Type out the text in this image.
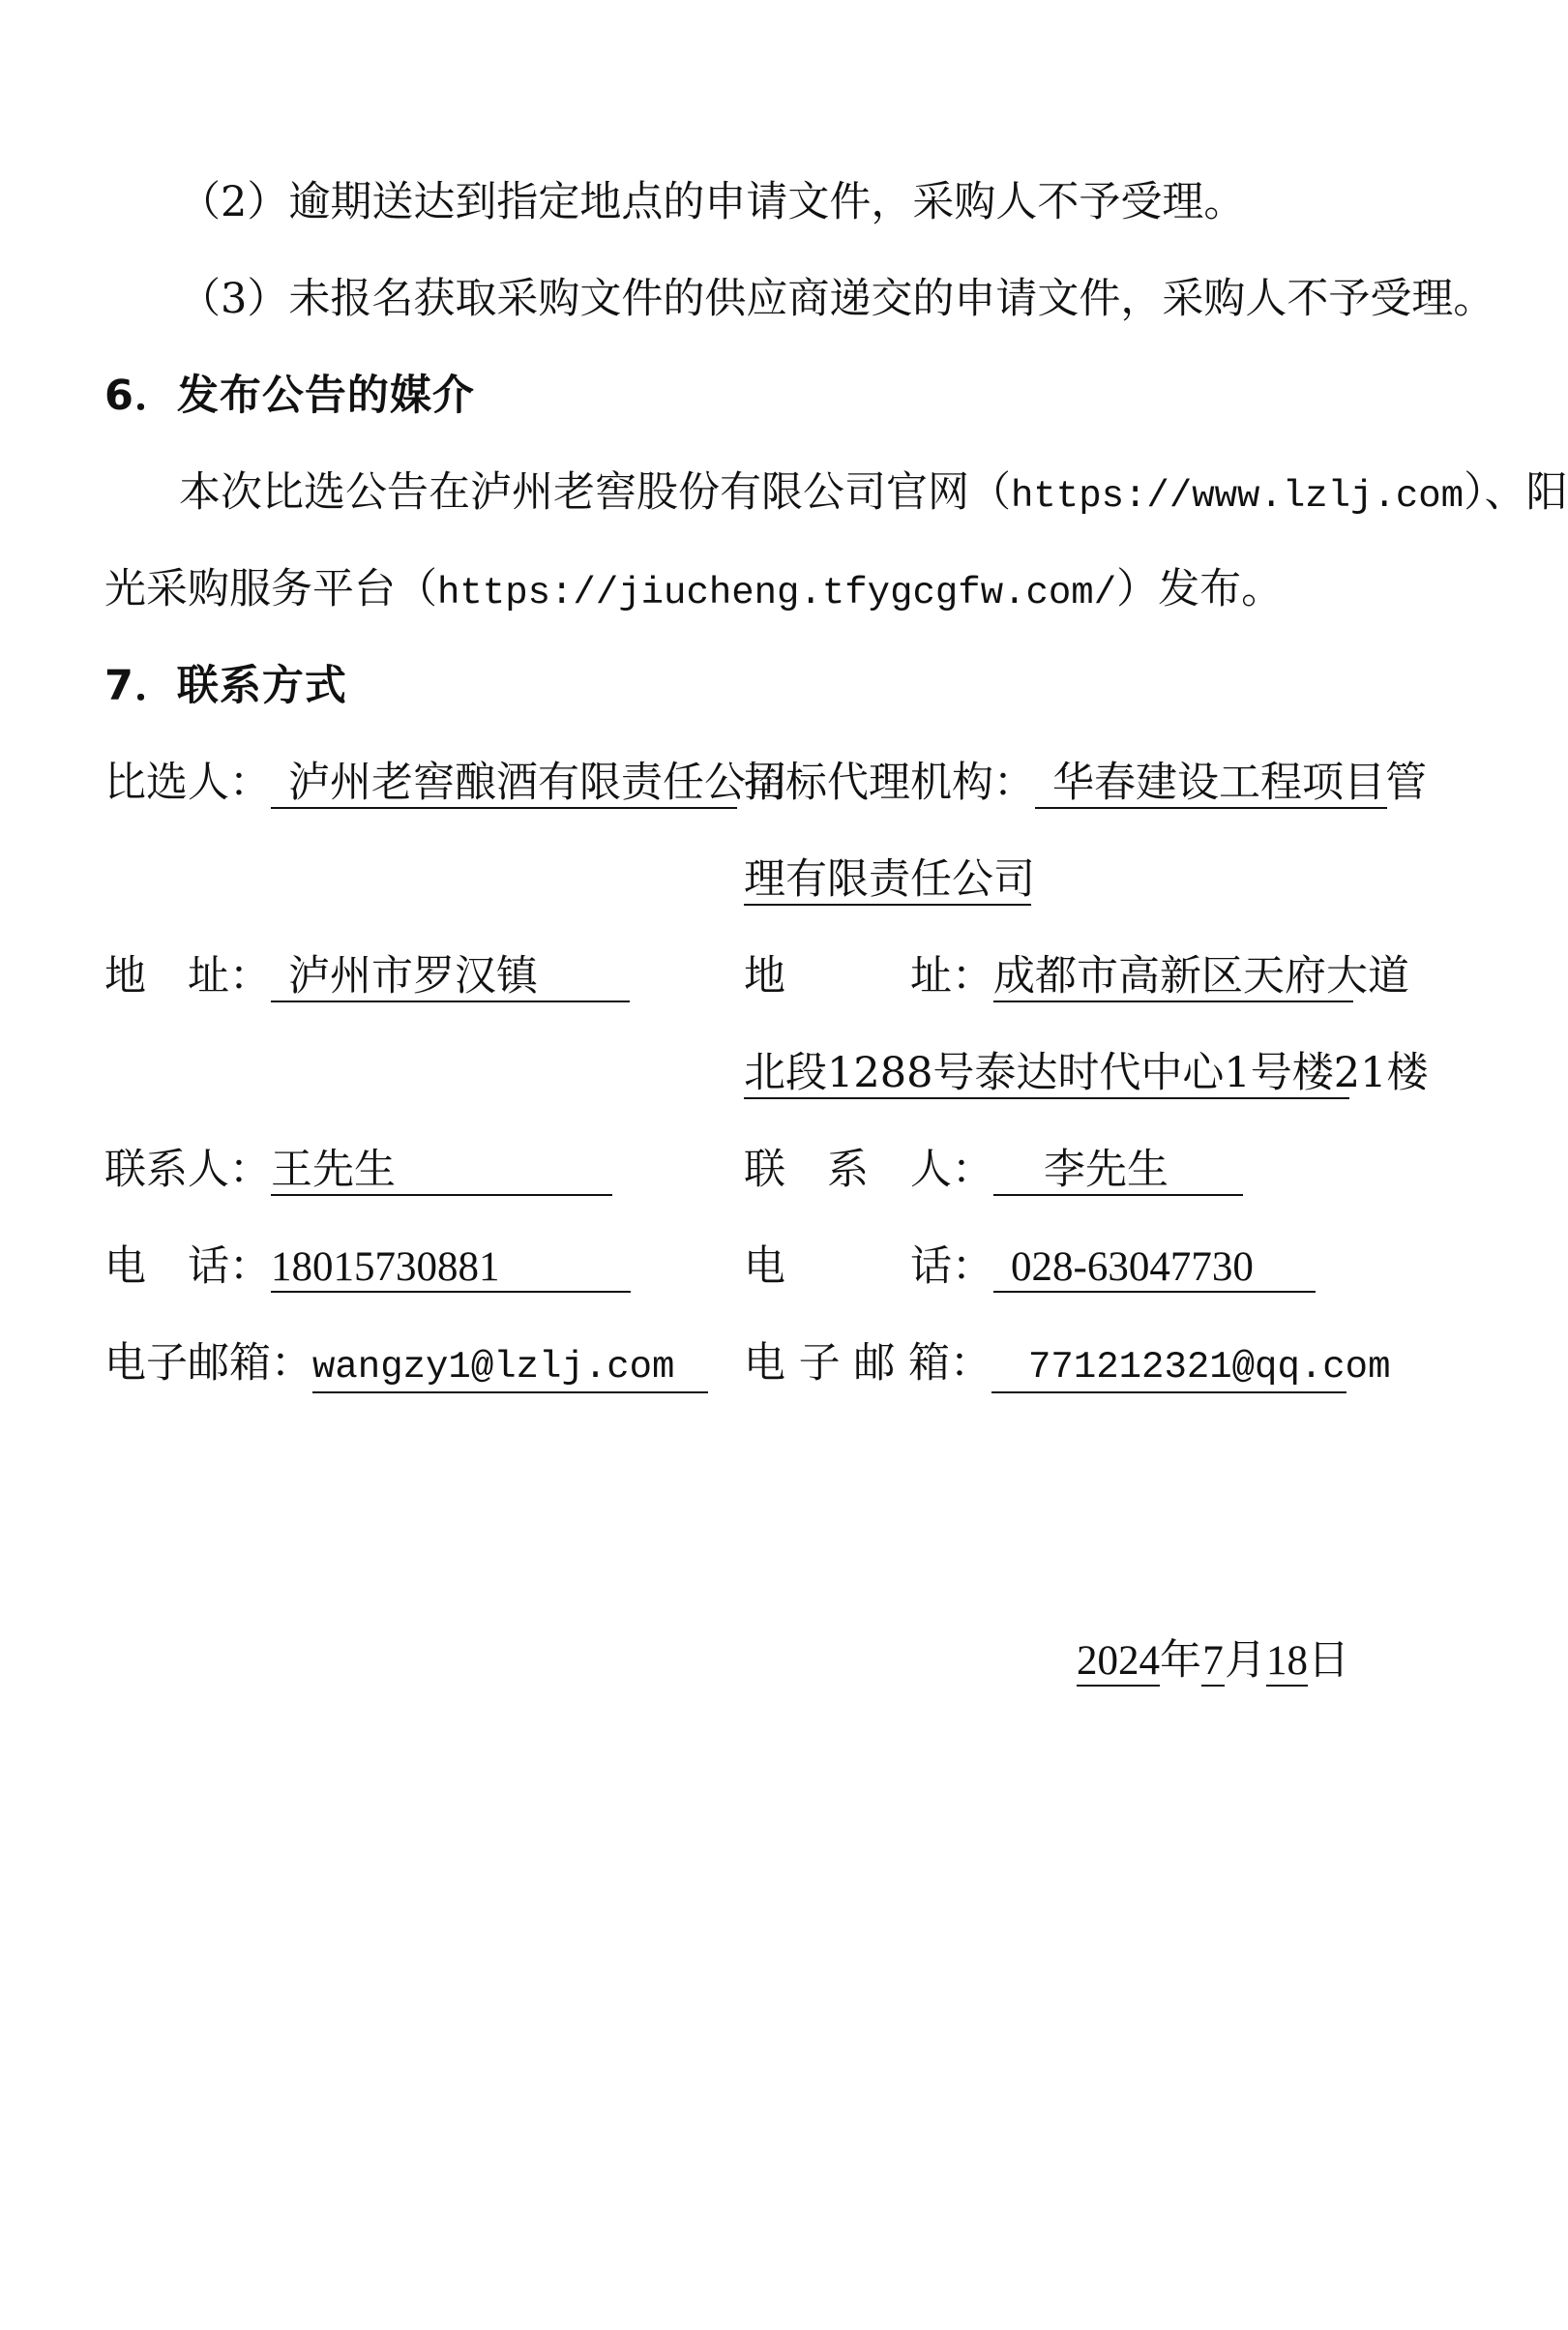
（2）逾期送达到指定地点的申请文件，采购人不予受理。
（3）未报名获取采购文件的供应商递交的申请文件，采购人不予受理。
6．发布公告的媒介
本次比选公告在泸州老窖股份有限公司官网（https://www.lzlj.com）、阳
光采购服务平台（https://jiucheng.tfygcgfw.com/）发布。
7．联系方式
比选人： 泸州老窖酿酒有限责任公司
地　址： 泸州市罗汉镇
联系人：王先生
电　话：18015730881
电子邮箱：wangzy1@lzlj.com
招标代理机构： 华春建设工程项目管
理有限责任公司
地　　　址：成都市高新区天府大道
北段1288号泰达时代中心1号楼21楼
联　系　人： 李先生
电　　　话： 028-63047730
电 子 邮 箱： 771212321@qq.com
2024年7月18日
